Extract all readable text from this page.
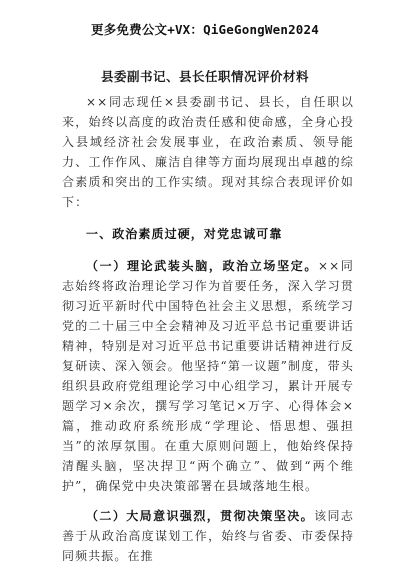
更多免费公文+VX：QiGeGongWen2024
县委副书记、县长任职情况评价材料

××同志现任×县委副书记、县长，自任职以来，始终以高度的政治责任感和使命感，全身心投入县域经济社会发展事业，在政治素质、领导能力、工作作风、廉洁自律等方面均展现出卓越的综合素质和突出的工作实绩。现对其综合表现评价如下：

一、政治素质过硬，对党忠诚可靠

（一）理论武装头脑，政治立场坚定。××同志始终将政治理论学习作为首要任务，深入学习贯彻习近平新时代中国特色社会主义思想，系统学习党的二十届三中全会精神及习近平总书记重要讲话精神，特别是对习近平总书记重要讲话精神进行反复研读、深入领会。他坚持“第一议题”制度，带头组织县政府党组理论学习中心组学习，累计开展专题学习×余次，撰写学习笔记×万字、心得体会×篇，推动政府系统形成“学理论、悟思想、强担当”的浓厚氛围。在重大原则问题上，他始终保持清醒头脑，坚决捍卫“两个确立”、做到“两个维护”，确保党中央决策部署在县域落地生根。

（二）大局意识强烈，贯彻决策坚决。该同志善于从政治高度谋划工作，始终与省委、市委保持同频共振。在推
